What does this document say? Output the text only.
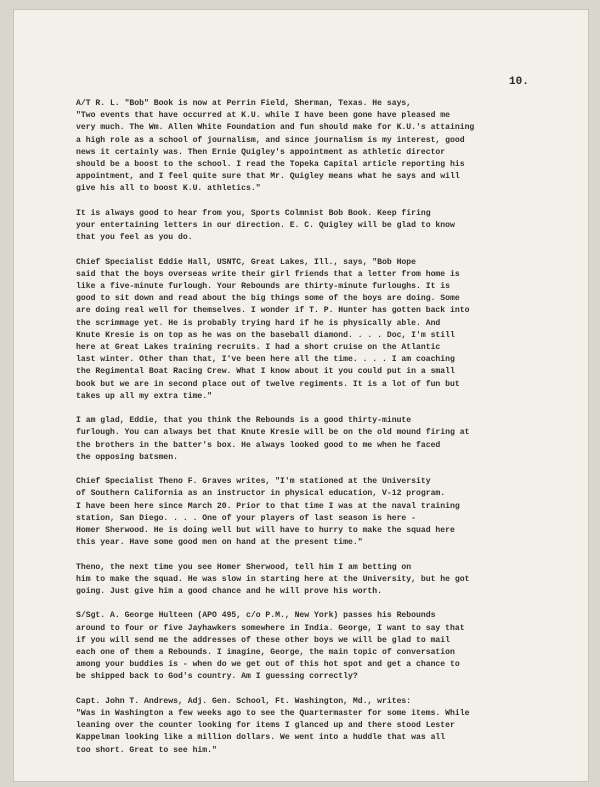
10.

A/T R. L. "Bob" Book is now at Perrin Field, Sherman, Texas. He says,
"Two events that have occurred at K.U. while I have been gone have pleased me
very much. The Wm. Allen White Foundation and fun should make for K.U.'s attaining
a high role as a school of journalism, and since journalism is my interest, good
news it certainly was. Then Ernie Quigley's appointment as athletic director
should be a boost to the school. I read the Topeka Capital article reporting his
appointment, and I feel quite sure that Mr. Quigley means what he says and will
give his all to boost K.U. athletics."

It is always good to hear from you, Sports Colmnist Bob Book. Keep firing
your entertaining letters in our direction. E. C. Quigley will be glad to know
that you feel as you do.

Chief Specialist Eddie Hall, USNTC, Great Lakes, Ill., says, "Bob Hope
said that the boys overseas write their girl friends that a letter from home is
like a five-minute furlough. Your Rebounds are thirty-minute furloughs. It is
good to sit down and read about the big things some of the boys are doing. Some
are doing real well for themselves. I wonder if T. P. Hunter has gotten back into
the scrimmage yet. He is probably trying hard if he is physically able. And
Knute Kresie is on top as he was on the baseball diamond. . . . Doc, I'm still
here at Great Lakes training recruits. I had a short cruise on the Atlantic
last winter. Other than that, I've been here all the time. . . . I am coaching
the Regimental Boat Racing Crew. What I know about it you could put in a small
book but we are in second place out of twelve regiments. It is a lot of fun but
takes up all my extra time."

I am glad, Eddie, that you think the Rebounds is a good thirty-minute
furlough. You can always bet that Knute Kresie will be on the old mound firing at
the brothers in the batter's box. He always looked good to me when he faced
the opposing batsmen.

Chief Specialist Theno F. Graves writes, "I'm stationed at the University
of Southern California as an instructor in physical education, V-12 program.
I have been here since March 20. Prior to that time I was at the naval training
station, San Diego. . . . One of your players of last season is here -
Homer Sherwood. He is doing well but will have to hurry to make the squad here
this year. Have some good men on hand at the present time."

Theno, the next time you see Homer Sherwood, tell him I am betting on
him to make the squad. He was slow in starting here at the University, but he got
going. Just give him a good chance and he will prove his worth.

S/Sgt. A. George Hulteen (APO 495, c/o P.M., New York) passes his Rebounds
around to four or five Jayhawkers somewhere in India. George, I want to say that
if you will send me the addresses of these other boys we will be glad to mail
each one of them a Rebounds. I imagine, George, the main topic of conversation
among your buddies is - when do we get out of this hot spot and get a chance to
be shipped back to God's country. Am I guessing correctly?

Capt. John T. Andrews, Adj. Gen. School, Ft. Washington, Md., writes:
"Was in Washington a few weeks ago to see the Quartermaster for some items. While
leaning over the counter looking for items I glanced up and there stood Lester
Kappelman looking like a million dollars. We went into a huddle that was all
too short. Great to see him."
